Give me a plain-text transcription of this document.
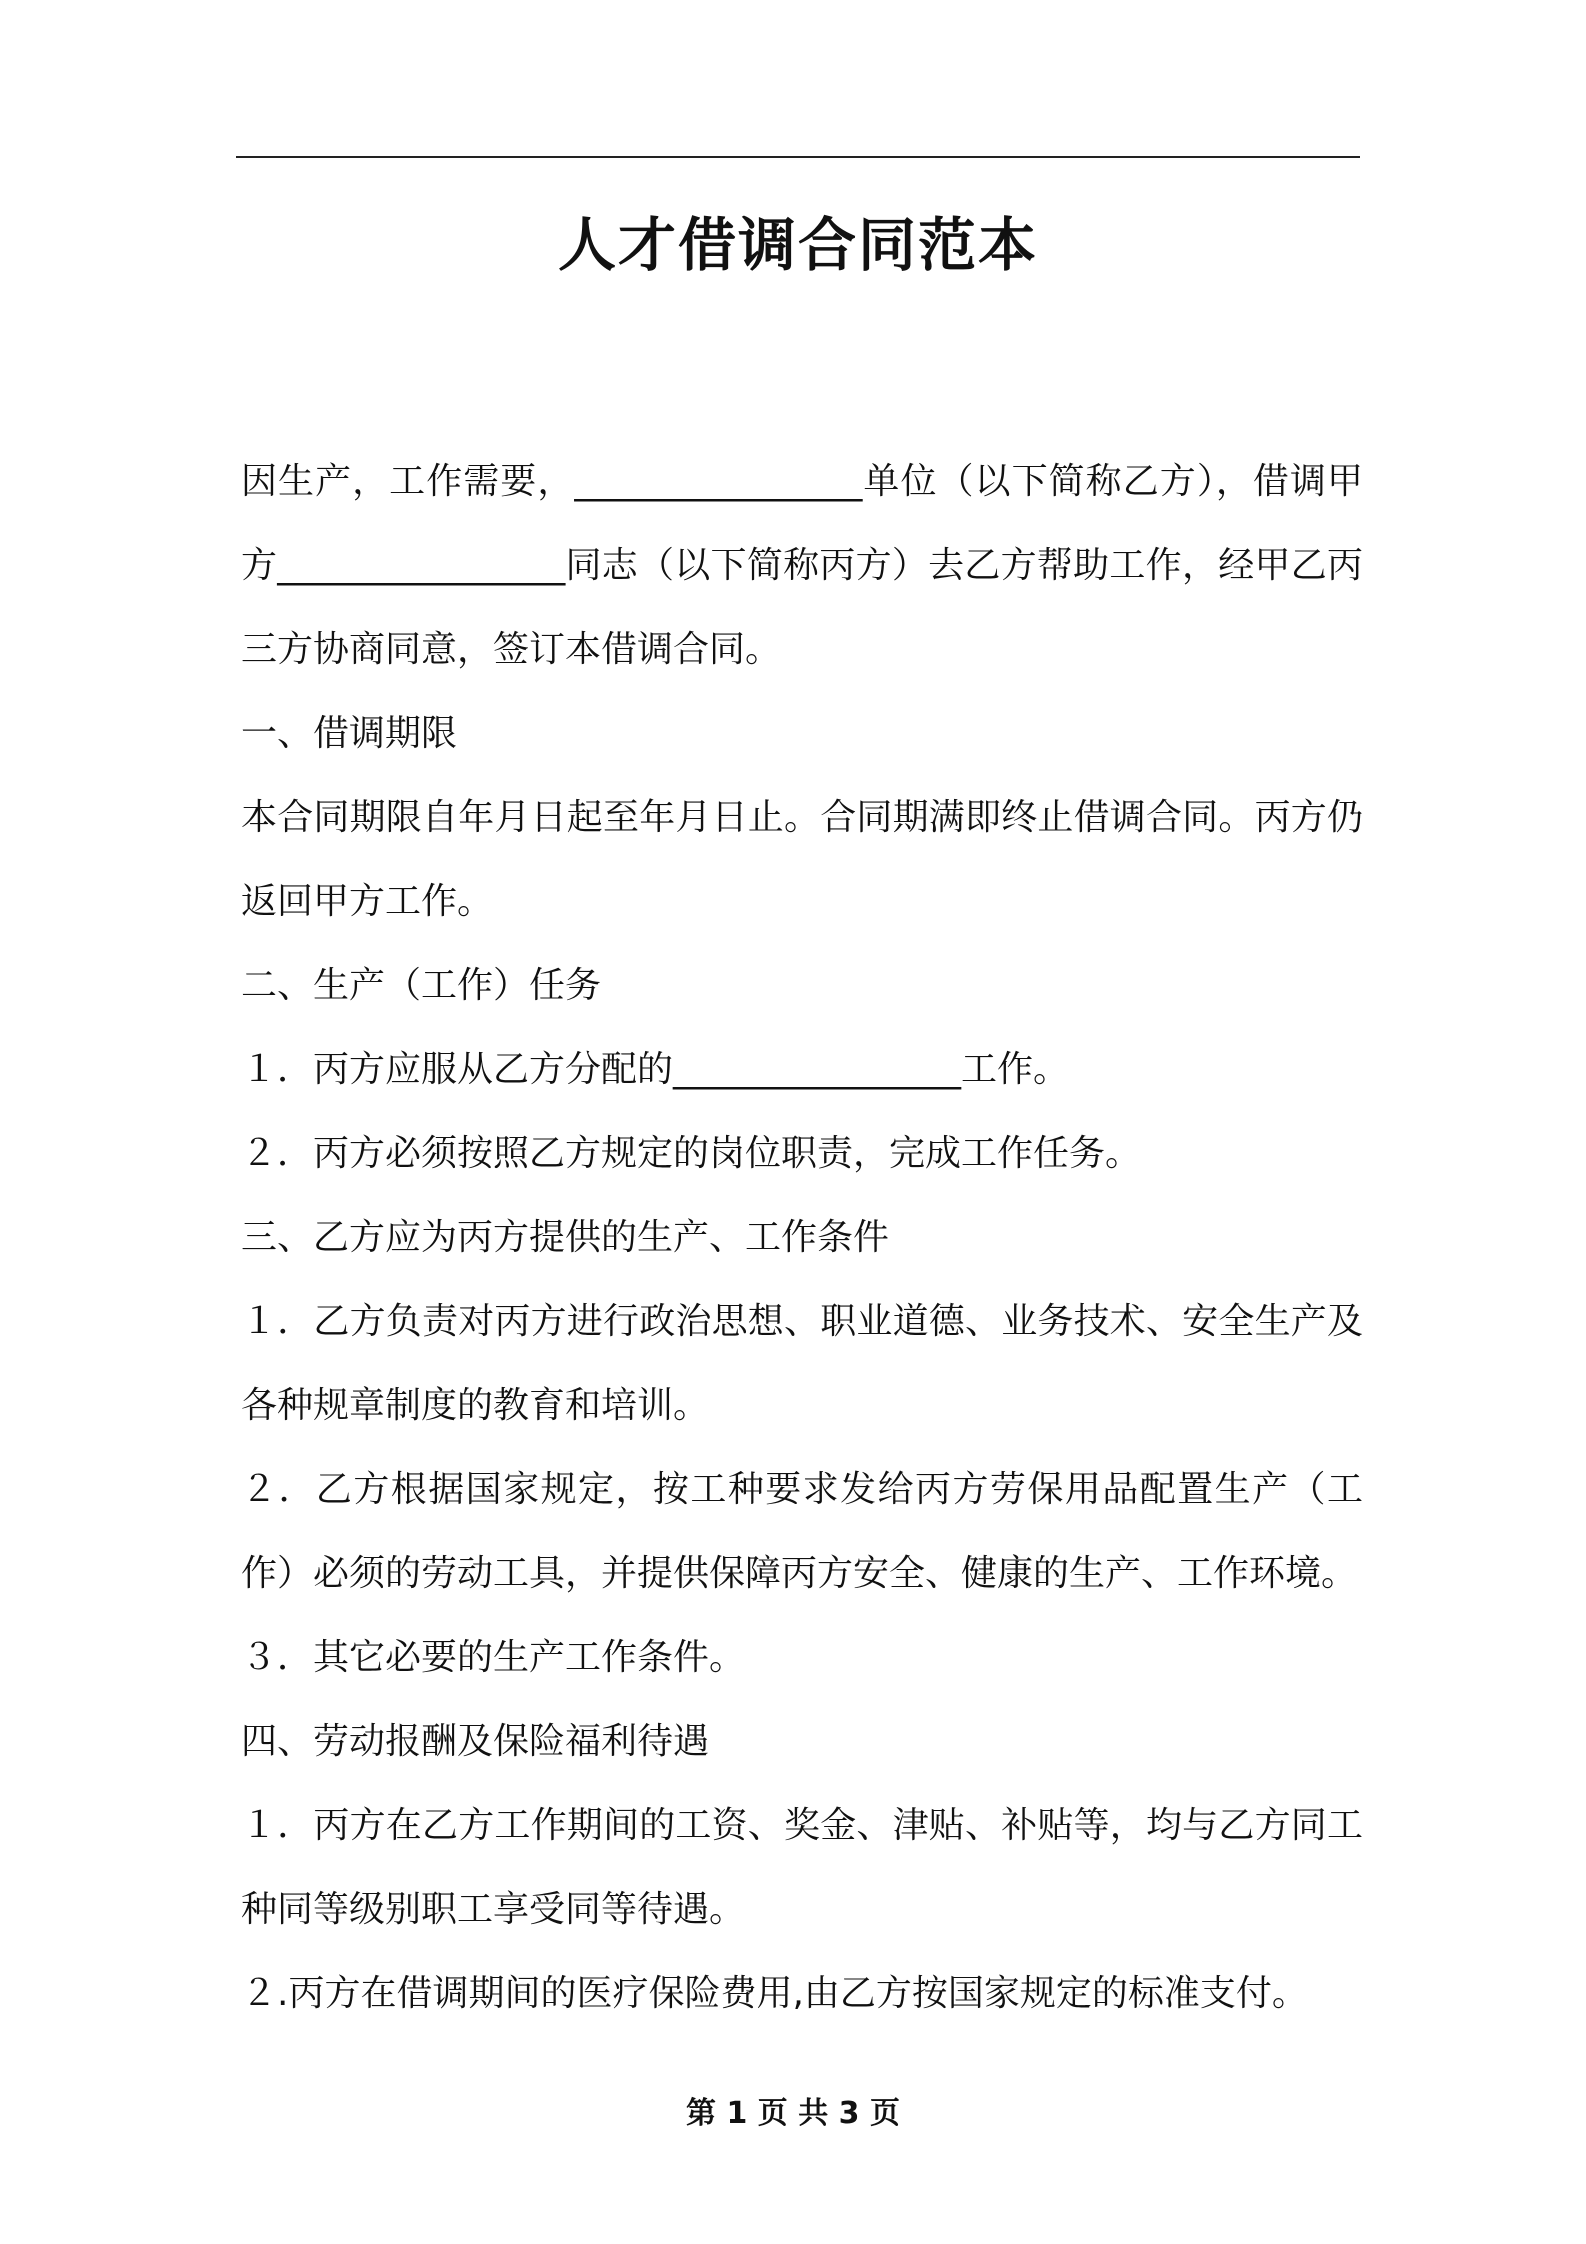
人才借调合同范本

因生产，工作需要，________________单位（以下简称乙方），借调甲方________________同志（以下简称丙方）去乙方帮助工作，经甲乙丙三方协商同意，签订本借调合同。

一、借调期限

本合同期限自年月日起至年月日止。合同期满即终止借调合同。丙方仍返回甲方工作。

二、生产（工作）任务

１．丙方应服从乙方分配的________________工作。

２．丙方必须按照乙方规定的岗位职责，完成工作任务。

三、乙方应为丙方提供的生产、工作条件

１．乙方负责对丙方进行政治思想、职业道德、业务技术、安全生产及各种规章制度的教育和培训。

２．乙方根据国家规定，按工种要求发给丙方劳保用品配置生产（工作）必须的劳动工具，并提供保障丙方安全、健康的生产、工作环境。

３．其它必要的生产工作条件。

四、劳动报酬及保险福利待遇

１．丙方在乙方工作期间的工资、奖金、津贴、补贴等，均与乙方同工种同等级别职工享受同等待遇。

２.丙方在借调期间的医疗保险费用,由乙方按国家规定的标准支付。

第 1 页 共 3 页
